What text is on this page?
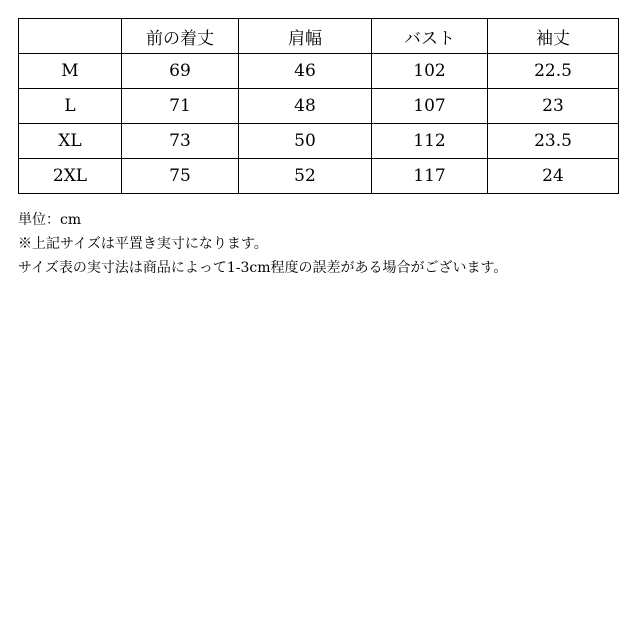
	前の着丈	肩幅	バスト	袖丈
M	69	46	102	22.5
L	71	48	107	23
XL	73	50	112	23.5
2XL	75	52	117	24
単位：cm
※上記サイズは平置き実寸になります。
サイズ表の実寸法は商品によって1-3cm程度の誤差がある場合がございます。
